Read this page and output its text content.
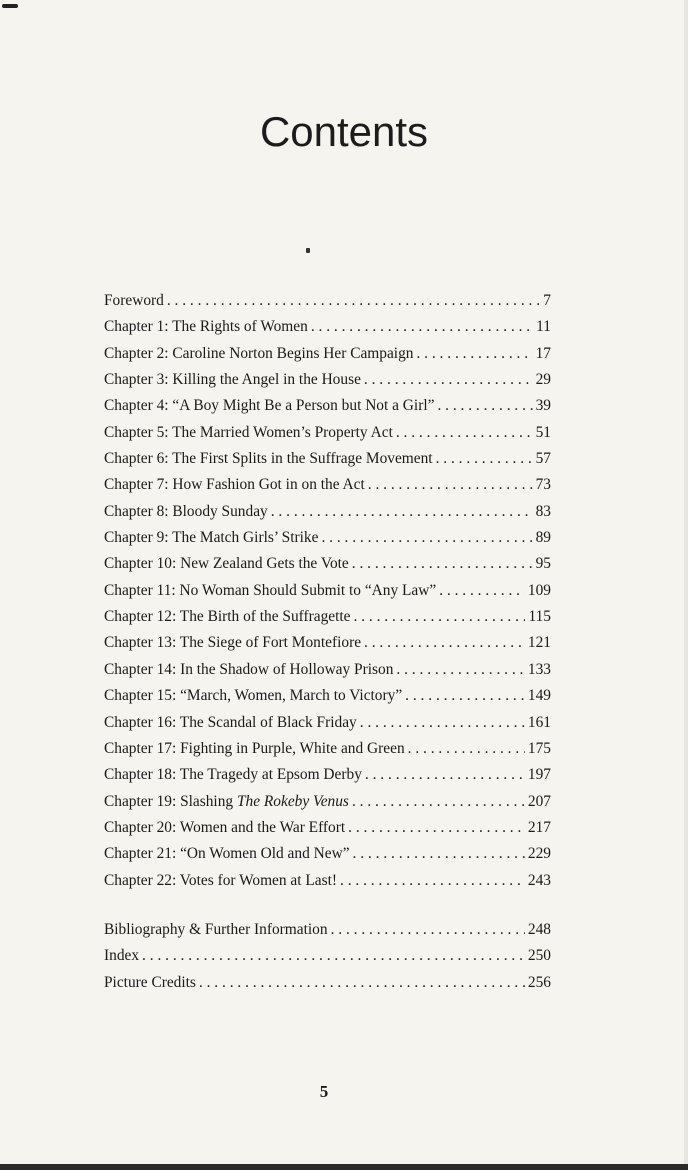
Contents
Foreword . . .	7
Chapter 1: The Rights of Women . . .	11
Chapter 2: Caroline Norton Begins Her Campaign . . .	17
Chapter 3: Killing the Angel in the House . . .	29
Chapter 4: “A Boy Might Be a Person but Not a Girl” . . .	39
Chapter 5: The Married Women’s Property Act . . .	51
Chapter 6: The First Splits in the Suffrage Movement . . .	57
Chapter 7: How Fashion Got in on the Act . . .	73
Chapter 8: Bloody Sunday . . .	83
Chapter 9: The Match Girls’ Strike . . .	89
Chapter 10: New Zealand Gets the Vote . . .	95
Chapter 11: No Woman Should Submit to “Any Law” . . .	109
Chapter 12: The Birth of the Suffragette . . .	115
Chapter 13: The Siege of Fort Montefiore . . .	121
Chapter 14: In the Shadow of Holloway Prison . . .	133
Chapter 15: “March, Women, March to Victory” . . .	149
Chapter 16: The Scandal of Black Friday . . .	161
Chapter 17: Fighting in Purple, White and Green . . .	175
Chapter 18: The Tragedy at Epsom Derby . . .	197
Chapter 19: Slashing The Rokeby Venus . . .	207
Chapter 20: Women and the War Effort . . .	217
Chapter 21: “On Women Old and New” . . .	229
Chapter 22: Votes for Women at Last! . . .	243
Bibliography & Further Information . . .	248
Index . . .	250
Picture Credits . . .	256
5
